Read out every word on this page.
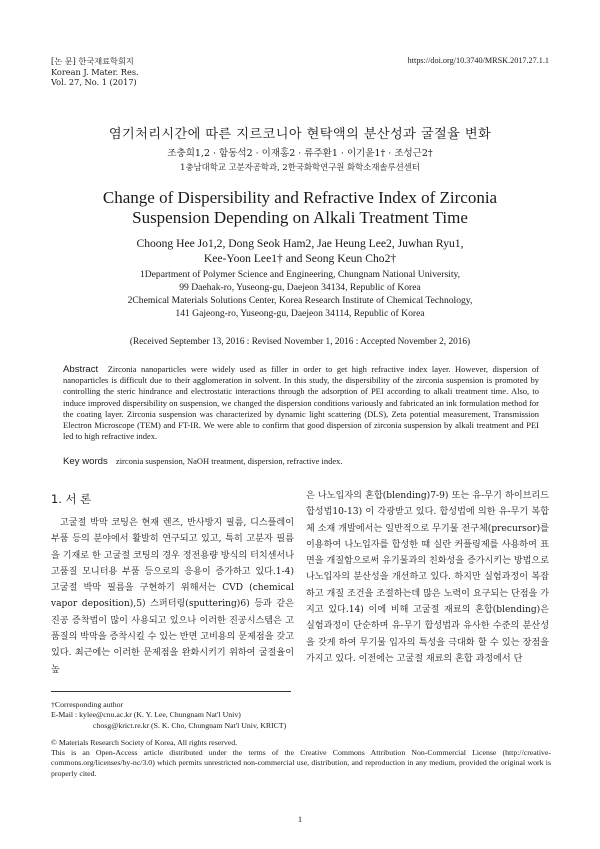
[논 문] 한국재료학회지
Korean J. Mater. Res.
Vol. 27, No. 1 (2017)
https://doi.org/10.3740/MRSK.2017.27.1.1
염기처리시간에 따른 지르코니아 현탁액의 분산성과 굴절율 변화
조충희1,2 · 함동석2 · 이재홍2 · 류주환1 · 이기윤1† · 조성근2†
1충남대학교 고분자공학과, 2한국화학연구원 화학소재솔루션센터
Change of Dispersibility and Refractive Index of Zirconia
Suspension Depending on Alkali Treatment Time
Choong Hee Jo1,2, Dong Seok Ham2, Jae Heung Lee2, Juwhan Ryu1,
Kee-Yoon Lee1† and Seong Keun Cho2†
1Department of Polymer Science and Engineering, Chungnam National University,
99 Daehak-ro, Yuseong-gu, Daejeon 34134, Republic of Korea
2Chemical Materials Solutions Center, Korea Research Institute of Chemical Technology,
141 Gajeong-ro, Yuseong-gu, Daejeon 34114, Republic of Korea
(Received September 13, 2016 : Revised November 1, 2016 : Accepted November 2, 2016)
Abstract Zirconia nanoparticles were widely used as filler in order to get high refractive index layer. However, dispersion of nanoparticles is difficult due to their agglomeration in solvent. In this study, the dispersibility of the zirconia suspension is promoted by controlling the steric hindrance and electrostatic interactions through the adsorption of PEI according to alkali treatment time. Also, to induce improved dispersibility on suspension, we changed the dispersion conditions variously and fabricated an ink formulation method for the coating layer. Zirconia suspension was characterized by dynamic light scattering (DLS), Zeta potential measurement, Transmission Electron Microscope (TEM) and FT-IR. We were able to confirm that good dispersion of zirconia suspension by alkali treatment and PEI led to high refractive index.
Key words zirconia suspension, NaOH treatment, dispersion, refractive index.
1. 서 론

고굴절 박막 코팅은 현재 렌즈, 반사방지 필름, 디스플레이 부품 등의 분야에서 활발히 연구되고 있고, 특히 고분자 필름을 기재로 한 고굴절 코팅의 경우 정전용량 방식의 터치센서나 고품질 모니터용 부품 등으로의 응용이 증가하고 있다.1-4) 고굴절 박막 필름을 구현하기 위해서는 CVD (chemical vapor deposition),5) 스퍼터링(sputtering)6) 등과 같은 진공 증착법이 많이 사용되고 있으나 이러한 진공시스템은 고품질의 박막을 증착시킬 수 있는 반면 고비용의 문제점을 갖고 있다. 최근에는 이러한 문제점을 완화시키기 위하여 굴절율이 높

은 나노입자의 혼합(blending)7-9) 또는 유-무기 하이브리드 합성법10-13) 이 각광받고 있다. 합성법에 의한 유-무기 복합체 소재 개발에서는 일반적으로 무기물 전구체(precursor)를 이용하여 나노입자를 합성한 때 실란 커플링제를 사용하여 표면을 개질함으로써 유기물과의 친화성을 증가시키는 방법으로 나노입자의 분산성을 개선하고 있다. 하지만 실험과정이 복잡하고 개질 조건을 조절하는데 많은 노력이 요구되는 단점을 가지고 있다.14) 이에 비해 고굴절 재료의 혼합(blending)은 실험과정이 단순하며 유-무기 합성법과 유사한 수준의 분산성을 갖게 하여 무기물 입자의 특성을 극대화 할 수 있는 장점을 가지고 있다. 이전에는 고굴절 재료의 혼합 과정에서 단

†Corresponding author
E-Mail : kylee@cnu.ac.kr (K. Y. Lee, Chungnam Nat'l Univ)
chosg@krict.re.kr (S. K. Cho, Chungnam Nat'l Univ, KRICT)
© Materials Research Society of Korea, All rights reserved.
This is an Open-Access article distributed under the terms of the Creative Commons Attribution Non-Commercial License (http://creative-commons.org/licenses/by-nc/3.0) which permits unrestricted non-commercial use, distribution, and reproduction in any medium, provided the original work is properly cited.
1
